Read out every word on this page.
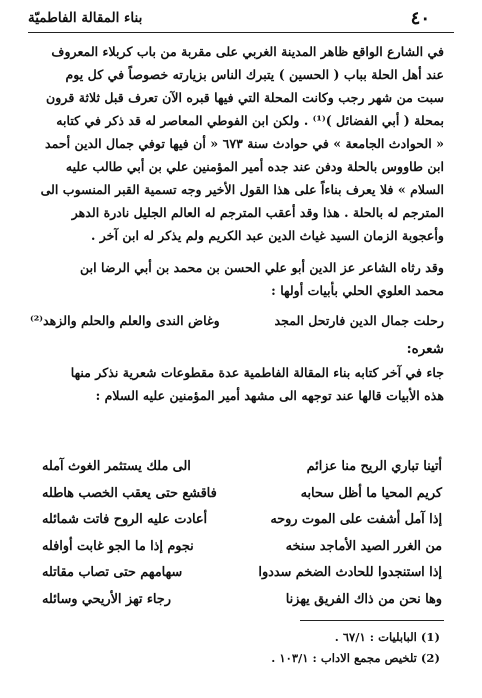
٤٠
بناء المقالة الفاطميّة

في الشارع الواقع ظاهر المدينة الغربي على مقربة من باب كربلاء المعروف

عند أهل الحلة بباب ( الحسين ) يتبرك الناس بزيارته خصوصاً في كل يوم

سبت من شهر رجب وكانت المحلة التي فيها قبره الآن تعرف قبل ثلاثة قرون

بمحلة ( أبي الفضائل )⁽¹⁾ . ولكن ابن الفوطي المعاصر له قد ذكر في كتابه

« الحوادث الجامعة » في حوادث سنة ٦٧٣ « أن فيها توفي جمال الدين أحمد

ابن طاووس بالحلة ودفن عند جده أمير المؤمنين علي بن أبي طالب عليه

السلام » فلا يعرف بناءاً على هذا القول الأخير وجه تسمية القبر المنسوب الى

المترجم له بالحلة . هذا وقد أعقب المترجم له العالم الجليل نادرة الدهر

وأعجوبة الزمان السيد غياث الدين عبد الكريم ولم يذكر له ابن آخر .

وقد رثاه الشاعر عز الدين أبو علي الحسن بن محمد بن أبي الرضا ابن

محمد العلوي الحلي بأبيات أولها :

رحلت جمال الدين فارتحل المجد
وغاض الندى والعلم والحلم والزهد⁽²⁾

شعره:

جاء في آخر كتابه بناء المقالة الفاطمية عدة مقطوعات شعرية نذكر منها

هذه الأبيات قالها عند توجهه الى مشهد أمير المؤمنين عليه السلام :

أتينا تباري الريح منا عزائم
الى ملك يستثمر الغوث آمله
كريم المحيا ما أظل سحابه
فاقشع حتى يعقب الخصب هاطله
إذا آمل أشفت على الموت روحه
أعادت عليه الروح فاتت شمائله
من الغرر الصيد الأماجد سنخه
نجوم إذا ما الجو غابت أوافله
إذا استنجدوا للحادث الضخم سددوا
سهامهم حتى تصاب مقاتله
وها نحن من ذاك الفريق يهزنا
رجاء تهز الأريحي وسائله
(1) البابليات : ٦٧/١ .
(2) تلخيص مجمع الاداب : ١٠٣/١ .
